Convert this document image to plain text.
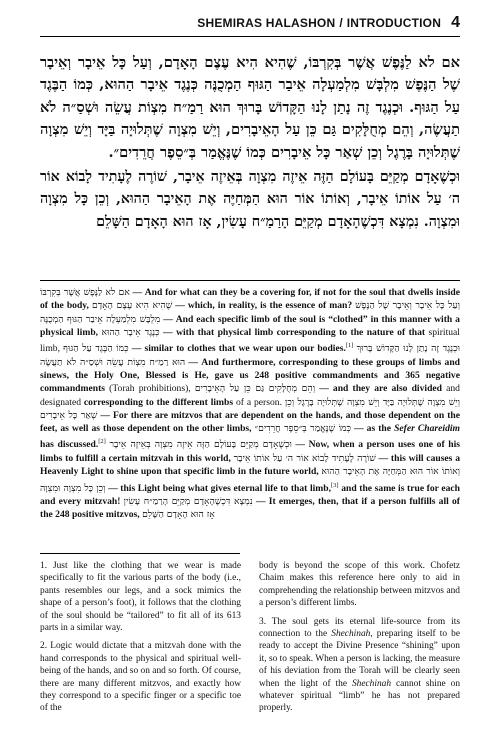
SHEMIRAS HALASHON / INTRODUCTION 4

אם לא לַנֶּפֶשׁ אֲשֶׁר בְּקִרְבּוֹ, שֶׁהִיא הִיא עֶצֶם הָאָדָם, וְעַל כָּל אֵיבָר וְאֵיבָר שֶׁל הַנֶּפֶשׁ מִלְבָּשׁ מִלְמַעְלָה אֵיבַר הַגּוּף הַמְכֻנֶּה כְּנֶגֶד אֵיבָר הַהוּא, כְּמוֹ הַבֶּגֶד עַל הַגּוּף. וּכְנֶגֶד זֶה נָתַן לָנוּ הַקָּדוֹשׁ בָּרוּךְ הוּא רַמַ״ח מִצְוֹת עֲשֵׂה וּשְׁסַ״ה לֹא תַעֲשֶׂה, וְהֵם מְחֻלָּקִים גַּם כֵּן עַל הָאֵיבָרִים, וְיֵשׁ מִצְוָה שֶׁתְּלוּיָה בַּיָּד וְיֵשׁ מִצְוָה שֶׁתְּלוּיָה בָּרֶגֶל וְכֵן שְׁאַר כָּל אֵיבָרִים כְּמוֹ שֶׁנֶּאֱמַר בְּ״סֵפֶר חֲרֵדִים״.

וּכְשֶׁאָדָם מְקַיֵּם בָּעוֹלָם הַזֶּה אֵיזֶה מִצְוָה בְּאֵיזֶה אֵיבָר, שׁוֹרֶה לֶעָתִיד לָבוֹא אוֹר ה׳ עַל אוֹתוֹ אֵיבָר, וְאוֹתוֹ אוֹר הוּא הַמְּחַיֶּה אֶת הָאֵיבָר הַהוּא, וְכֵן כָּל מִצְוָה וּמִצְוָה. נִמְצָא דִּכְשֶׁהָאָדָם מְקַיֵּם הָרַמַ״ח עָשִׂין, אָז הוּא הָאָדָם הַשָּׁלֵם

אם לא לַנֶּפֶשׁ אֲשֶׁר בְּקִרְבּוֹ — And for what can they be a covering for, if not for the soul that dwells inside of the body, שֶׁהִיא הִיא עֶצֶם הָאָדָם — which, in reality, is the essence of man? וְעַל כָּל אֵיבָר וְאֵיבָר שֶׁל הַנֶּפֶשׁ מִלְבָּשׁ מִלְמַעְלָה אֵיבַר הַגּוּף הַמְכֻנֶּה — And each specific limb of the soul is “clothed” in this manner with a physical limb, כְּנֶגֶד אֵיבָר הַהוּא — with that physical limb corresponding to the nature of that spiritual limb, כְּמוֹ הַבֶּגֶד עַל הַגּוּף — similar to clothes that we wear upon our bodies.[1] וּכְנֶגֶד זֶה נָתַן לָנוּ הַקָּדוֹשׁ בָּרוּךְ הוּא רַמַ״ח מִצְוֹת עֲשֵׂה וּשְׁסַ״ה לֹא תַעֲשֶׂה — And furthermore, corresponding to these groups of limbs and sinews, the Holy One, Blessed is He, gave us 248 positive commandments and 365 negative commandments (Torah prohibitions), וְהֵם מְחֻלָּקִים גַּם כֵּן עַל הָאֵיבָרִים — and they are also divided and designated corresponding to the different limbs of a person. וְיֵשׁ מִצְוָה שֶׁתְּלוּיָה בַּיָּד וְיֵשׁ מִצְוָה שֶׁתְּלוּיָה בָּרֶגֶל וְכֵן שְׁאַר כָּל אֵיבָרִים — For there are mitzvos that are dependent on the hands, and those dependent on the feet, as well as those dependent on the other limbs, כְּמוֹ שֶׁנֶּאֱמַר בְּ״סֵפֶר חֲרֵדִים״ — as the Sefer Chareidim has discussed.[2] וּכְשֶׁאָדָם מְקַיֵּם בָּעוֹלָם הַזֶּה אֵיזֶה מִצְוָה בְּאֵיזֶה אֵיבָר — Now, when a person uses one of his limbs to fulfill a certain mitzvah in this world, שׁוֹרֶה לֶעָתִיד לָבוֹא אוֹר ה׳ עַל אוֹתוֹ אֵיבָר — this will causes a Heavenly Light to shine upon that specific limb in the future world, וְאוֹתוֹ אוֹר הוּא הַמְּחַיֶּה אֶת הָאֵיבָר הַהוּא וְכֵן כָּל מִצְוָה וּמִצְוָה — this Light being what gives eternal life to that limb,[3] and the same is true for each and every mitzvah! נִמְצָא דִּכְשֶׁהָאָדָם מְקַיֵּם הָרַמַ״ח עָשִׂין — It emerges, then, that if a person fulfills all of the 248 positive mitzvos, אָז הוּא הָאָדָם הַשָּׁלֵם

1. Just like the clothing that we wear is made specifically to fit the various parts of the body (i.e., pants resembles our legs, and a sock mimics the shape of a person’s foot), it follows that the clothing of the soul should be “tailored” to fit all of its 613 parts in a similar way.

2. Logic would dictate that a mitzvah done with the hand corresponds to the physical and spiritual well-being of the hands, and so on and so forth. Of course, there are many different mitzvos, and exactly how they correspond to a specific finger or a specific toe of the

body is beyond the scope of this work. Chofetz Chaim makes this reference here only to aid in comprehending the relationship between mitzvos and a person’s different limbs.

3. The soul gets its eternal life-source from its connection to the Shechinah, preparing itself to be ready to accept the Divine Presence “shining” upon it, so to speak. When a person is lacking, the measure of his deviation from the Torah will be clearly seen when the light of the Shechinah cannot shine on whatever spiritual “limb” he has not prepared properly.
